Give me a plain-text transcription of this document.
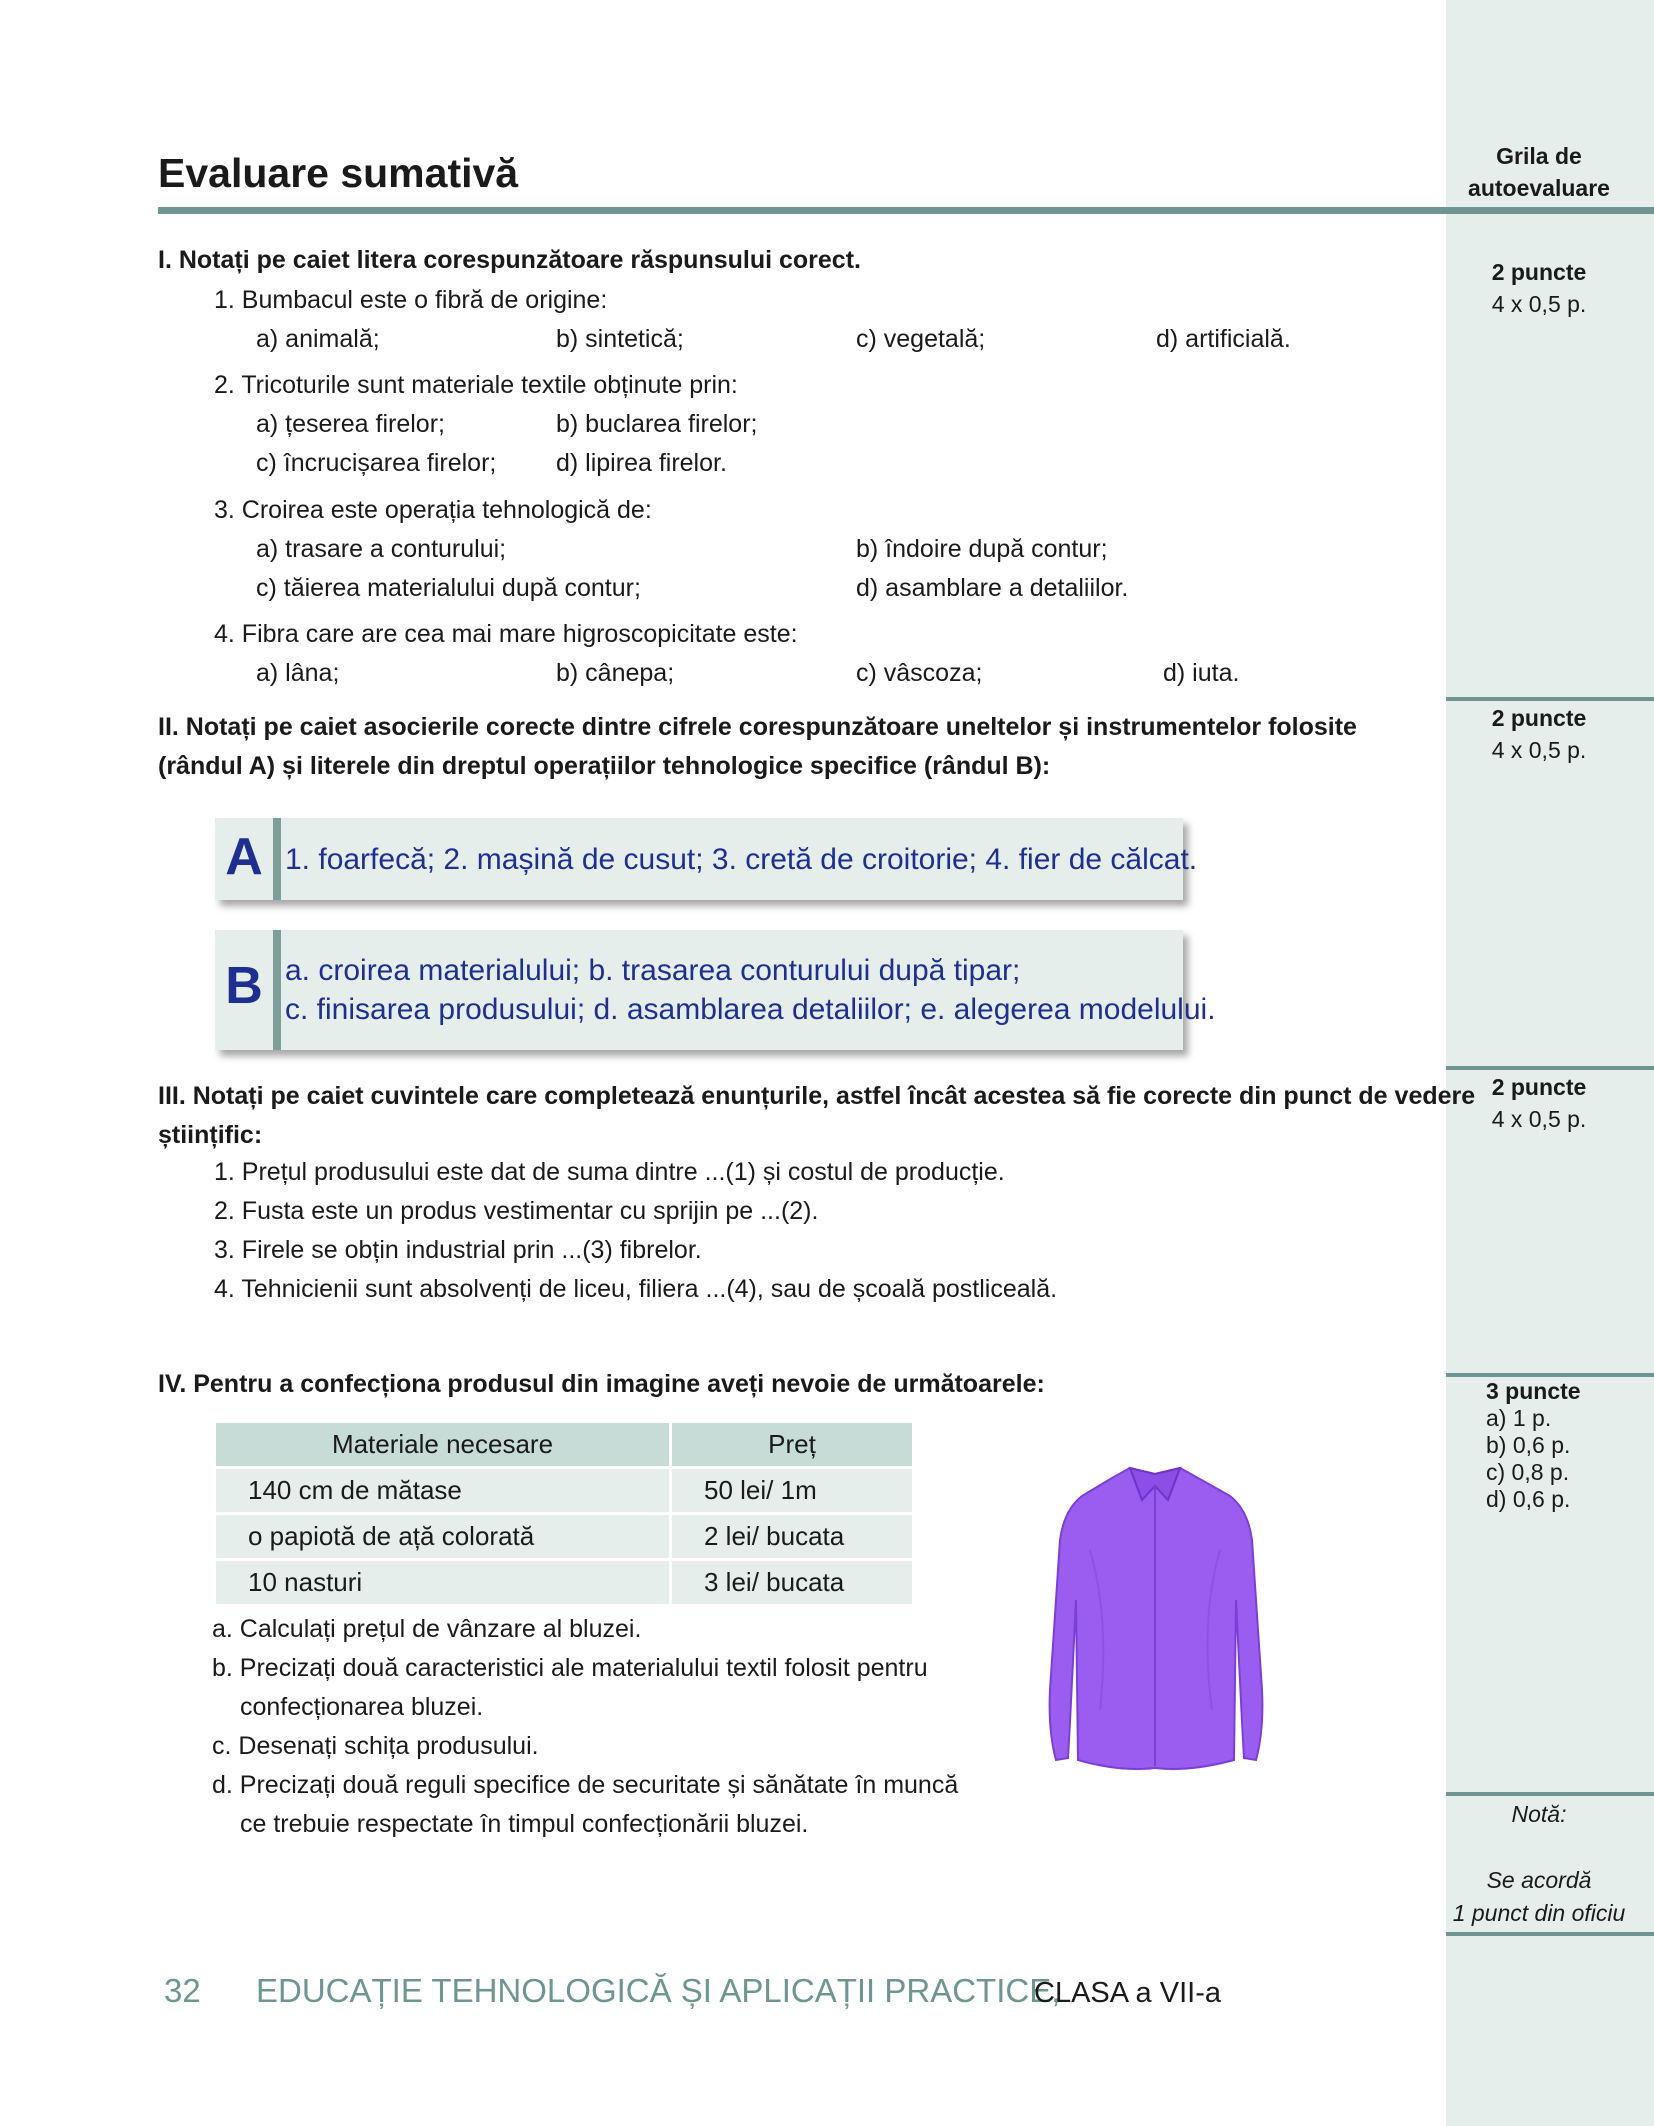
Grila de
autoevaluare
Evaluare sumativă
2 puncte
4 x 0,5 p.
2 puncte
4 x 0,5 p.
2 puncte
4 x 0,5 p.
3 puncte
a) 1 p.
b) 0,6 p.
c) 0,8 p.
d) 0,6 p.
Notă:
Se acordă
1 punct din oficiu
I. Notați pe caiet litera corespunzătoare răspunsului corect.
1. Bumbacul este o fibră de origine:
a) animală;	b) sintetică;	c) vegetală;	d) artificială.
2. Tricoturile sunt materiale textile obținute prin:
a) țeserea firelor;	b) buclarea firelor;
c) încrucișarea firelor; d) lipirea firelor.
3. Croirea este operația tehnologică de:
a) trasare a conturului;	b) îndoire după contur;
c) tăierea materialului după contur;	d) asamblare a detaliilor.
4. Fibra care are cea mai mare higroscopicitate este:
a) lâna;	b) cânepa;	c) vâscoza;	d) iuta.
II. Notați pe caiet asocierile corecte dintre cifrele corespunzătoare uneltelor și instrumentelor folosite
(rândul A) și literele din dreptul operațiilor tehnologice specifice (rândul B):
A 1. foarfecă; 2. mașină de cusut; 3. cretă de croitorie; 4. fier de călcat.
B a. croirea materialului; b. trasarea conturului după tipar;
c. finisarea produsului; d. asamblarea detaliilor; e. alegerea modelului.
III. Notați pe caiet cuvintele care completează enunțurile, astfel încât acestea să fie corecte din punct de vedere
științific:
1. Prețul produsului este dat de suma dintre ...(1) și costul de producție.
2. Fusta este un produs vestimentar cu sprijin pe ...(2).
3. Firele se obțin industrial prin ...(3) fibrelor.
4. Tehnicienii sunt absolvenți de liceu, filiera ...(4), sau de școală postliceală.
IV. Pentru a confecționa produsul din imagine aveți nevoie de următoarele:
Materiale necesare	Preț
140 cm de mătase	50 lei/ 1m
o papiotă de ață colorată	2 lei/ bucata
10 nasturi	3 lei/ bucata
a. Calculați prețul de vânzare al bluzei.
b. Precizați două caracteristici ale materialului textil folosit pentru
confecționarea bluzei.
c. Desenați schița produsului.
d. Precizați două reguli specifice de securitate și sănătate în muncă
ce trebuie respectate în timpul confecționării bluzei.
32 EDUCAȚIE TEHNOLOGICĂ ȘI APLICAȚII PRACTICE,
CLASA a VII-a
